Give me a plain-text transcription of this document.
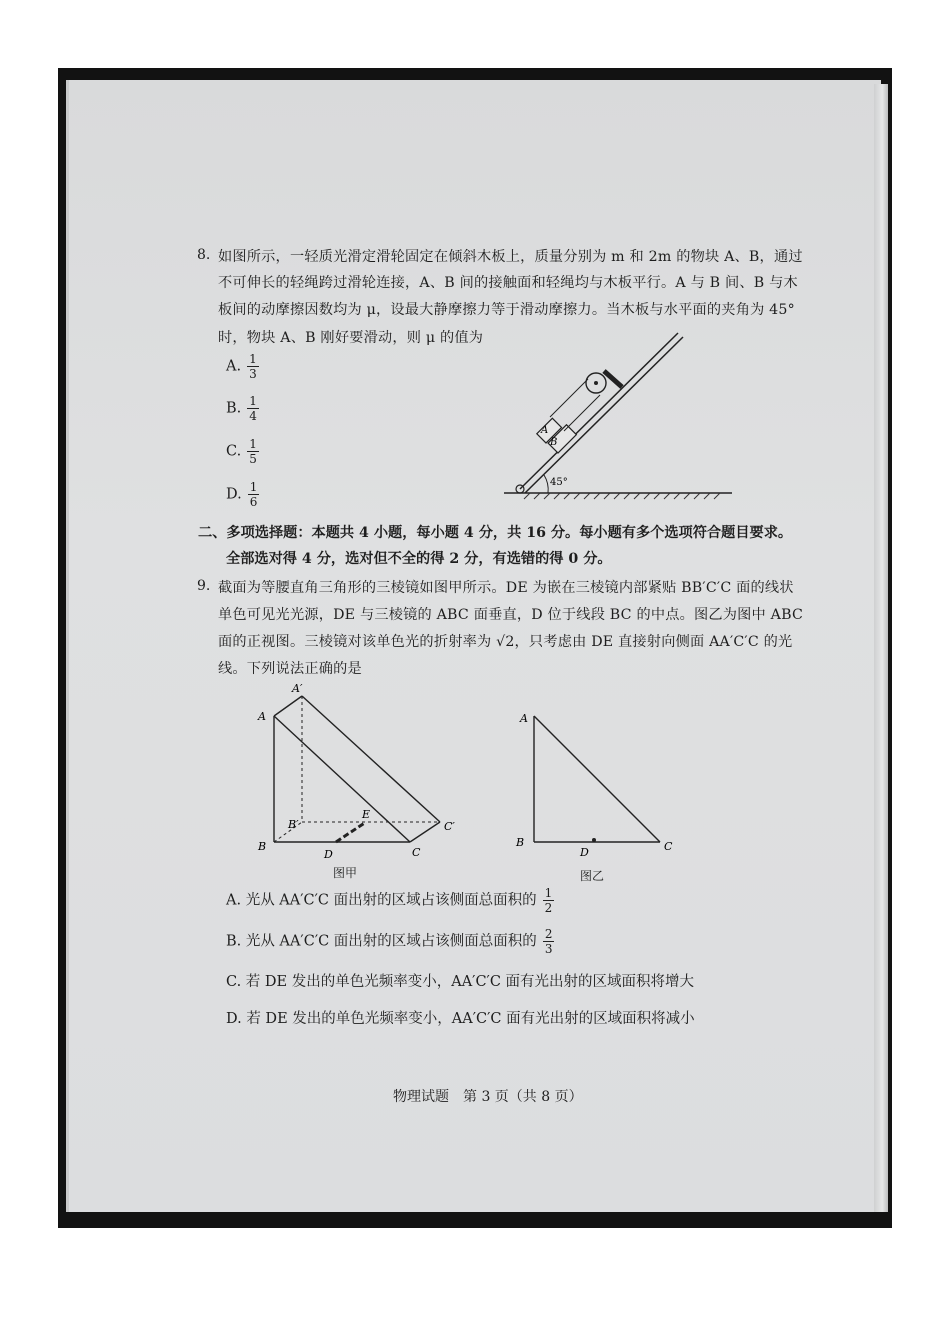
8. 如图所示，一轻质光滑定滑轮固定在倾斜木板上，质量分别为 m 和 2m 的物块 A、B，通过
不可伸长的轻绳跨过滑轮连接，A、B 间的接触面和轻绳均与木板平行。A 与 B 间、B 与木
板间的动摩擦因数均为 μ，设最大静摩擦力等于滑动摩擦力。当木板与水平面的夹角为 45°
时，物块 A、B 刚好要滑动，则 μ 的值为
A. $\frac{1}{3}$
B. $\frac{1}{4}$
C. $\frac{1}{5}$
D. $\frac{1}{6}$	45°
B
A
二、多项选择题：本题共 4 小题，每小题 4 分，共 16 分。每小题有多个选项符合题目要求。
全部选对得 4 分，选对但不全的得 2 分，有选错的得 0 分。
9. 截面为等腰直角三角形的三棱镜如图甲所示。DE 为嵌在三棱镜内部紧贴 BB′C′C 面的线状
单色可见光光源，DE 与三棱镜的 ABC 面垂直，D 位于线段 BC 的中点。图乙为图中 ABC
面的正视图。三棱镜对该单色光的折射率为 √2，只考虑由 DE 直接射向侧面 AA′C′C 的光
线。下列说法正确的是
A
A′
B
B′
C
C′
D
E
图甲
A
B	C
D
图乙
A. 光从 AA′C′C 面出射的区域占该侧面总面积的 $\frac{1}{2}$
B. 光从 AA′C′C 面出射的区域占该侧面总面积的 $\frac{2}{3}$
C. 若 DE 发出的单色光频率变小，AA′C′C 面有光出射的区域面积将增大
D. 若 DE 发出的单色光频率变小，AA′C′C 面有光出射的区域面积将减小
物理试题　第 3 页（共 8 页）
